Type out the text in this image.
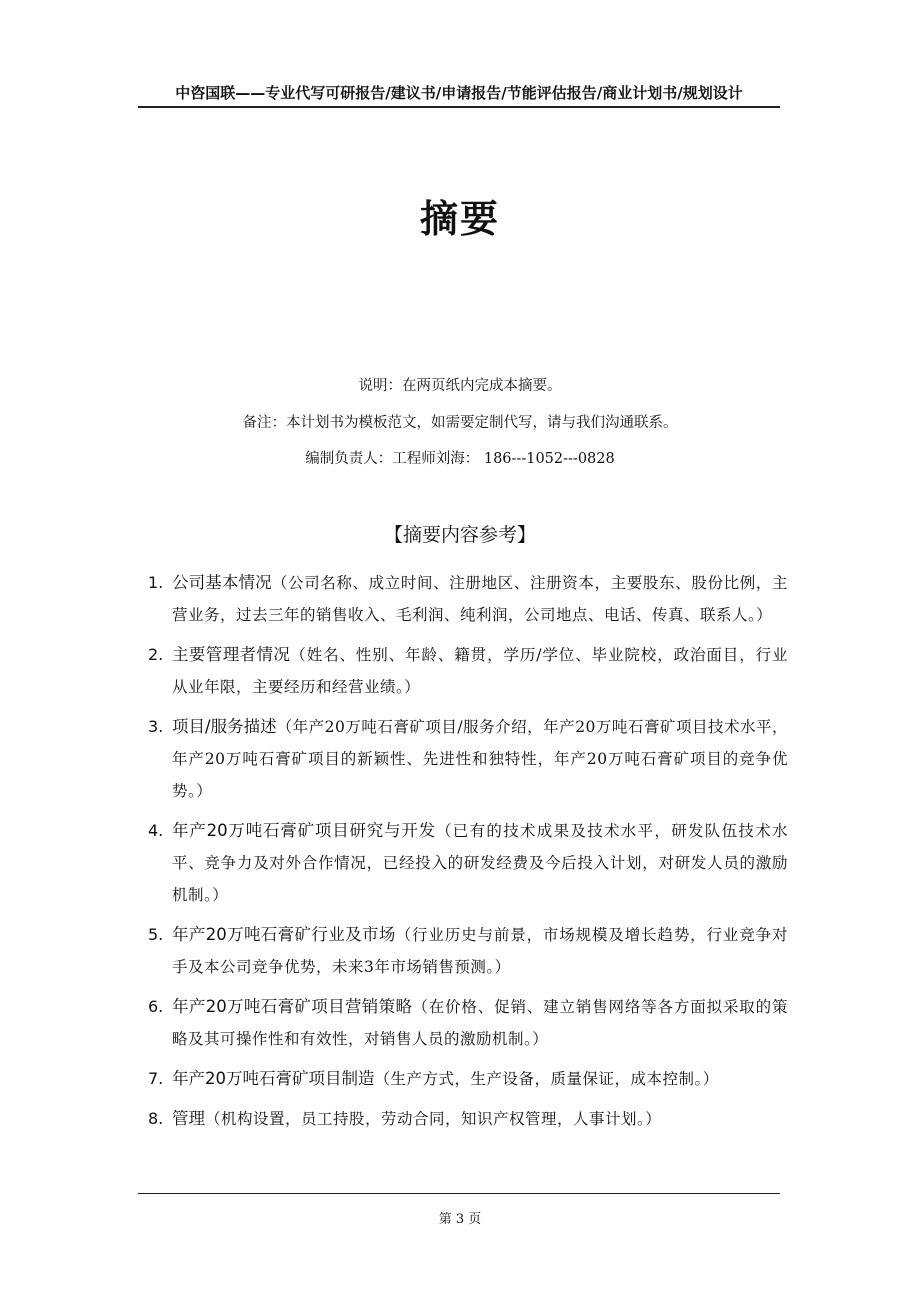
中咨国联——专业代写可研报告/建议书/申请报告/节能评估报告/商业计划书/规划设计
摘要
说明：在两页纸内完成本摘要。
备注：本计划书为模板范文，如需要定制代写，请与我们沟通联系。
编制负责人：工程师刘海： 186---1052---0828
【摘要内容参考】
1. 公司基本情况（公司名称、成立时间、注册地区、注册资本，主要股东、股份比例，主营业务，过去三年的销售收入、毛利润、纯利润，公司地点、电话、传真、联系人。）
2. 主要管理者情况（姓名、性别、年龄、籍贯，学历/学位、毕业院校，政治面目，行业从业年限，主要经历和经营业绩。）
3. 项目/服务描述（年产20万吨石膏矿项目/服务介绍，年产20万吨石膏矿项目技术水平，年产20万吨石膏矿项目的新颖性、先进性和独特性，年产20万吨石膏矿项目的竞争优势。）
4. 年产20万吨石膏矿项目研究与开发（已有的技术成果及技术水平，研发队伍技术水平、竞争力及对外合作情况，已经投入的研发经费及今后投入计划，对研发人员的激励机制。）
5. 年产20万吨石膏矿行业及市场（行业历史与前景，市场规模及增长趋势，行业竞争对手及本公司竞争优势，未来3年市场销售预测。）
6. 年产20万吨石膏矿项目营销策略（在价格、促销、建立销售网络等各方面拟采取的策略及其可操作性和有效性，对销售人员的激励机制。）
7. 年产20万吨石膏矿项目制造（生产方式，生产设备，质量保证，成本控制。）
8. 管理（机构设置，员工持股，劳动合同，知识产权管理，人事计划。）
第 3 页
